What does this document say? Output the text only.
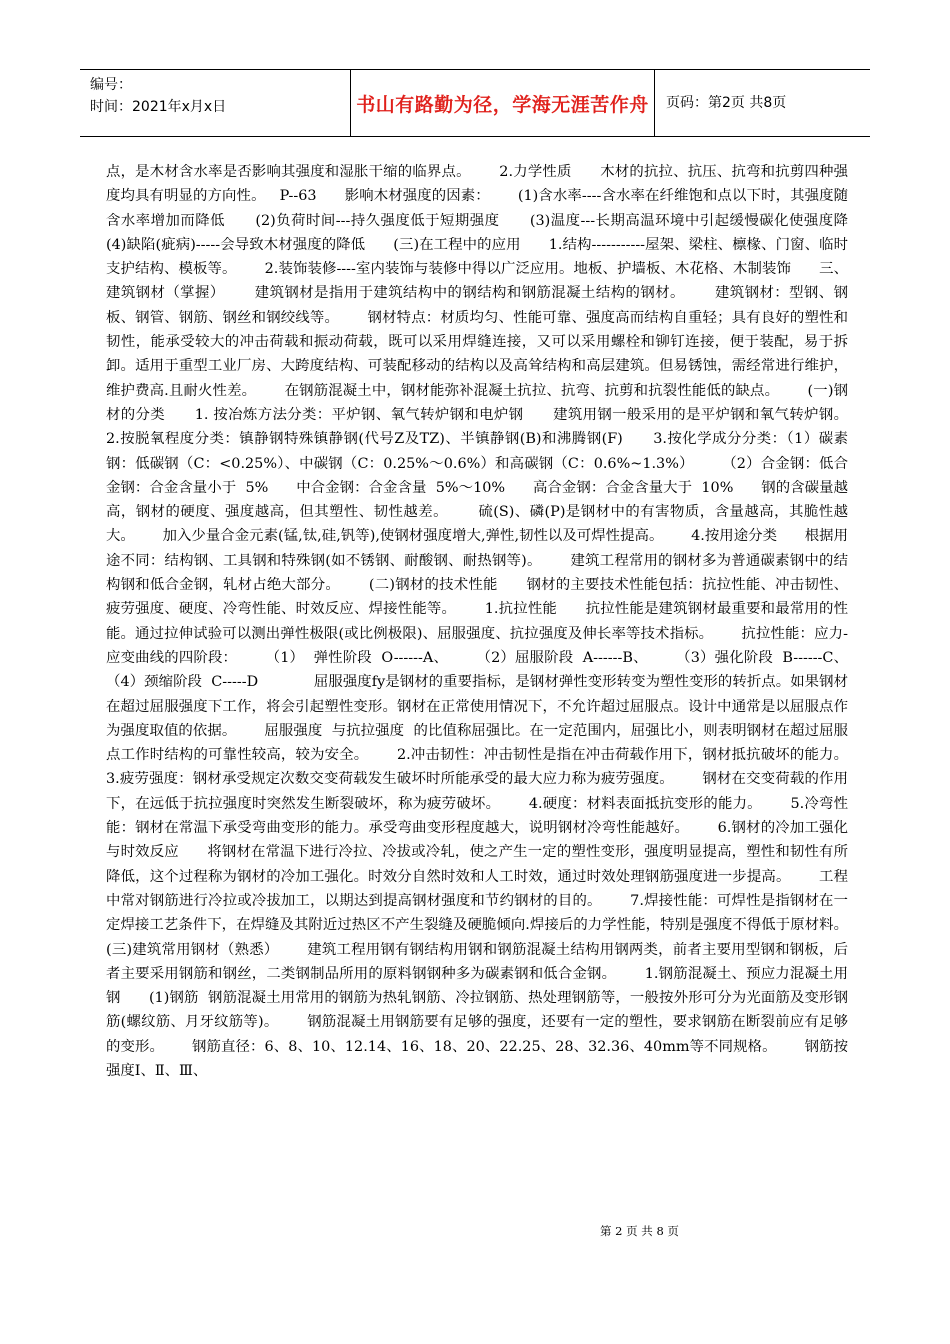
编号：
时间：2021年x月x日	书山有路勤为径，学海无涯苦作舟	页码：第2页 共8页
点，是木材含水率是否影响其强度和湿胀干缩的临界点。      2.力学性质      木材的抗拉、抗压、抗弯和抗剪四种强度均具有明显的方向性。   P--63      影响木材强度的因素：      (1)含水率----含水率在纤维饱和点以下时，其强度随含水率增加而降低      (2)负荷时间---持久强度低于短期强度      (3)温度---长期高温环境中引起缓慢碳化使强度降      (4)缺陷(疵病)-----会导致木材强度的降低      (三)在工程中的应用      1.结构-----------屋架、梁柱、檩椽、门窗、临时支护结构、模板等。      2.装饰装修----室内装饰与装修中得以广泛应用。地板、护墙板、木花格、木制装饰      三、建筑钢材（掌握）      建筑钢材是指用于建筑结构中的钢结构和钢筋混凝土结构的钢材。      建筑钢材：型钢、钢板、钢管、钢筋、钢丝和钢绞线等。      钢材特点：材质均匀、性能可靠、强度高而结构自重轻；具有良好的塑性和韧性，能承受较大的冲击荷载和振动荷载，既可以采用焊缝连接，又可以采用螺栓和铆钉连接，便于装配，易于拆卸。适用于重型工业厂房、大跨度结构、可装配移动的结构以及高耸结构和高层建筑。但易锈蚀，需经常进行维护，维护费高.且耐火性差。      在钢筋混凝土中，钢材能弥补混凝土抗拉、抗弯、抗剪和抗裂性能低的缺点。      (一)钢材的分类      1. 按冶炼方法分类：平炉钢、氧气转炉钢和电炉钢      建筑用钢一般采用的是平炉钢和氧气转炉钢。      2.按脱氧程度分类：镇静钢特殊镇静钢(代号Z及TZ)、半镇静钢(B)和沸腾钢(F)      3.按化学成分分类：（1）碳素钢：低碳钢（C：<0.25%）、中碳钢（C：0.25%～0.6%）和高碳钢（C：0.6%~1.3%）      （2）合金钢：低合金钢：合金含量小于  5%      中合金钢：合金含量  5%～10%      高合金钢：合金含量大于  10%      钢的含碳量越高，钢材的硬度、强度越高，但其塑性、韧性越差。      硫(S)、磷(P)是钢材中的有害物质，含量越高，其脆性越大。      加入少量合金元素(锰,钛,硅,钒等),使钢材强度增大,弹性,韧性以及可焊性提高。      4.按用途分类      根据用途不同：结构钢、工具钢和特殊钢(如不锈钢、耐酸钢、耐热钢等)。      建筑工程常用的钢材多为普通碳素钢中的结构钢和低合金钢，轧材占绝大部分。      (二)钢材的技术性能      钢材的主要技术性能包括：抗拉性能、冲击韧性、疲劳强度、硬度、冷弯性能、时效反应、焊接性能等。      1.抗拉性能      抗拉性能是建筑钢材最重要和最常用的性能。通过拉伸试验可以测出弹性极限(或比例极限)、屈服强度、抗拉强度及伸长率等技术指标。      抗拉性能：应力-应变曲线的四阶段：      （1）  弹性阶段  O------A、      （2）屈服阶段  A------B、      （3）强化阶段  B------C、      （4）颈缩阶段  C-----D            屈服强度fy是钢材的重要指标，是钢材弹性变形转变为塑性变形的转折点。如果钢材在超过屈服强度下工作，将会引起塑性变形。钢材在正常使用情况下，不允许超过屈服点。设计中通常是以屈服点作为强度取值的依据。      屈服强度  与抗拉强度  的比值称屈强比。在一定范围内，屈强比小，则表明钢材在超过屈服点工作时结构的可靠性较高，较为安全。      2.冲击韧性：冲击韧性是指在冲击荷载作用下，钢材抵抗破坏的能力。      3.疲劳强度：钢材承受规定次数交变荷载发生破坏时所能承受的最大应力称为疲劳强度。      钢材在交变荷载的作用下，在远低于抗拉强度时突然发生断裂破坏，称为疲劳破坏。      4.硬度：材料表面抵抗变形的能力。      5.冷弯性能：钢材在常温下承受弯曲变形的能力。承受弯曲变形程度越大，说明钢材冷弯性能越好。      6.钢材的冷加工强化与时效反应      将钢材在常温下进行冷拉、冷拔或冷轧，使之产生一定的塑性变形，强度明显提高，塑性和韧性有所降低，这个过程称为钢材的冷加工强化。时效分自然时效和人工时效，通过时效处理钢筋强度进一步提高。      工程中常对钢筋进行冷拉或冷拔加工，以期达到提高钢材强度和节约钢材的目的。      7.焊接性能：可焊性是指钢材在一定焊接工艺条件下，在焊缝及其附近过热区不产生裂缝及硬脆倾向.焊接后的力学性能，特别是强度不得低于原材料。      (三)建筑常用钢材（熟悉）      建筑工程用钢有钢结构用钢和钢筋混凝土结构用钢两类，前者主要用型钢和钢板，后者主要采用钢筋和钢丝，二类钢制品所用的原料钢钢种多为碳素钢和低合金钢。      1.钢筋混凝土、预应力混凝土用钢      (1)钢筋  钢筋混凝土用常用的钢筋为热轧钢筋、冷拉钢筋、热处理钢筋等，一般按外形可分为光面筋及变形钢筋(螺纹筋、月牙纹筋等)。      钢筋混凝土用钢筋要有足够的强度，还要有一定的塑性，要求钢筋在断裂前应有足够的变形。      钢筋直径：6、8、10、12.14、16、18、20、22.25、28、32.36、40mm等不同规格。      钢筋按强度Ⅰ、Ⅱ、Ⅲ、
第 2 页 共 8 页
